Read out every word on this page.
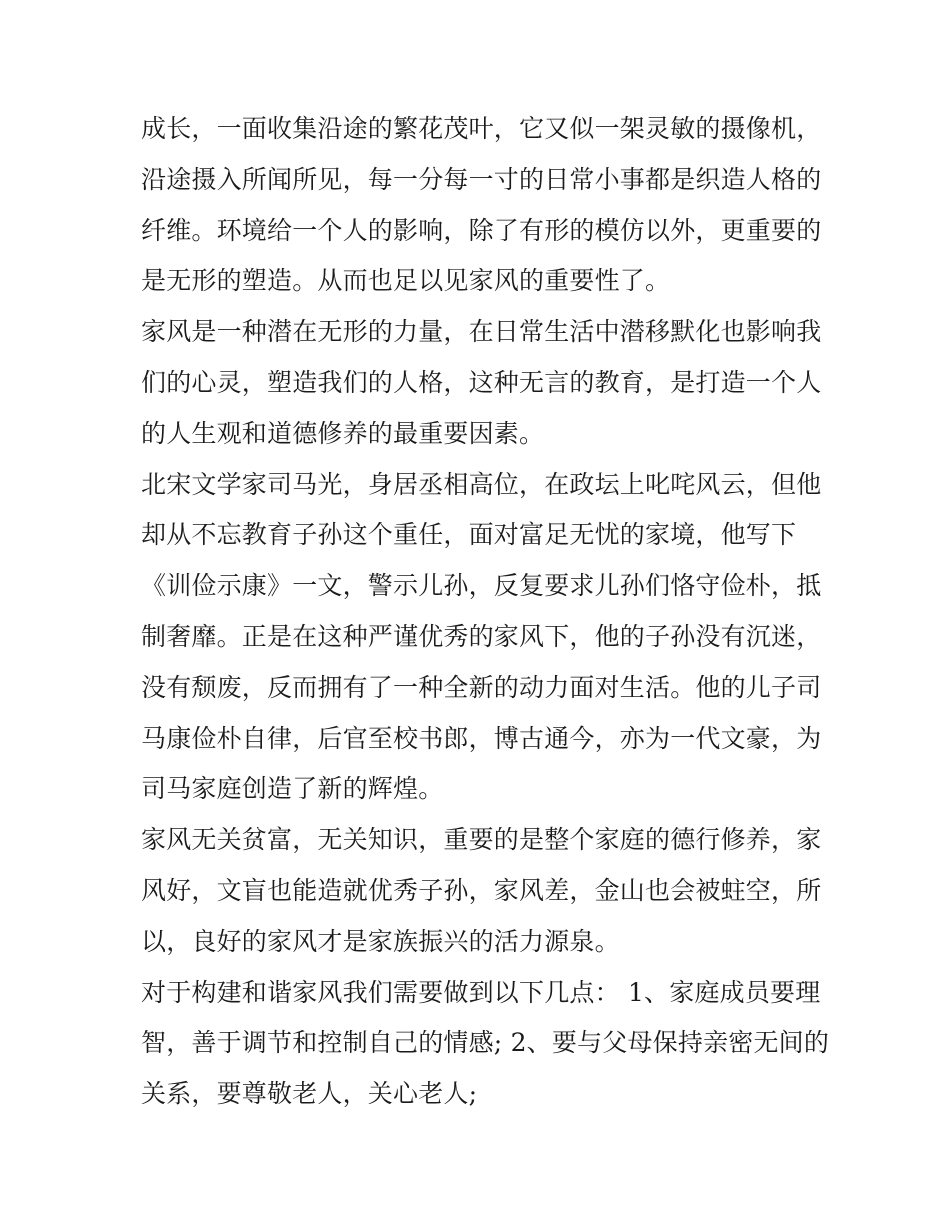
成长，一面收集沿途的繁花茂叶，它又似一架灵敏的摄像机，
沿途摄入所闻所见，每一分每一寸的日常小事都是织造人格的
纤维。环境给一个人的影响，除了有形的模仿以外，更重要的
是无形的塑造。从而也足以见家风的重要性了。
家风是一种潜在无形的力量，在日常生活中潜移默化也影响我
们的心灵，塑造我们的人格，这种无言的教育，是打造一个人
的人生观和道德修养的最重要因素。
北宋文学家司马光，身居丞相高位，在政坛上叱咤风云，但他
却从不忘教育子孙这个重任，面对富足无忧的家境，他写下
《训俭示康》一文，警示儿孙，反复要求儿孙们恪守俭朴，抵
制奢靡。正是在这种严谨优秀的家风下，他的子孙没有沉迷，
没有颓废，反而拥有了一种全新的动力面对生活。他的儿子司
马康俭朴自律，后官至校书郎，博古通今，亦为一代文豪，为
司马家庭创造了新的辉煌。
家风无关贫富，无关知识，重要的是整个家庭的德行修养，家
风好，文盲也能造就优秀子孙，家风差，金山也会被蛀空，所
以，良好的家风才是家族振兴的活力源泉。
对于构建和谐家风我们需要做到以下几点： 1、家庭成员要理
智，善于调节和控制自己的情感; 2、要与父母保持亲密无间的
关系，要尊敬老人，关心老人;
